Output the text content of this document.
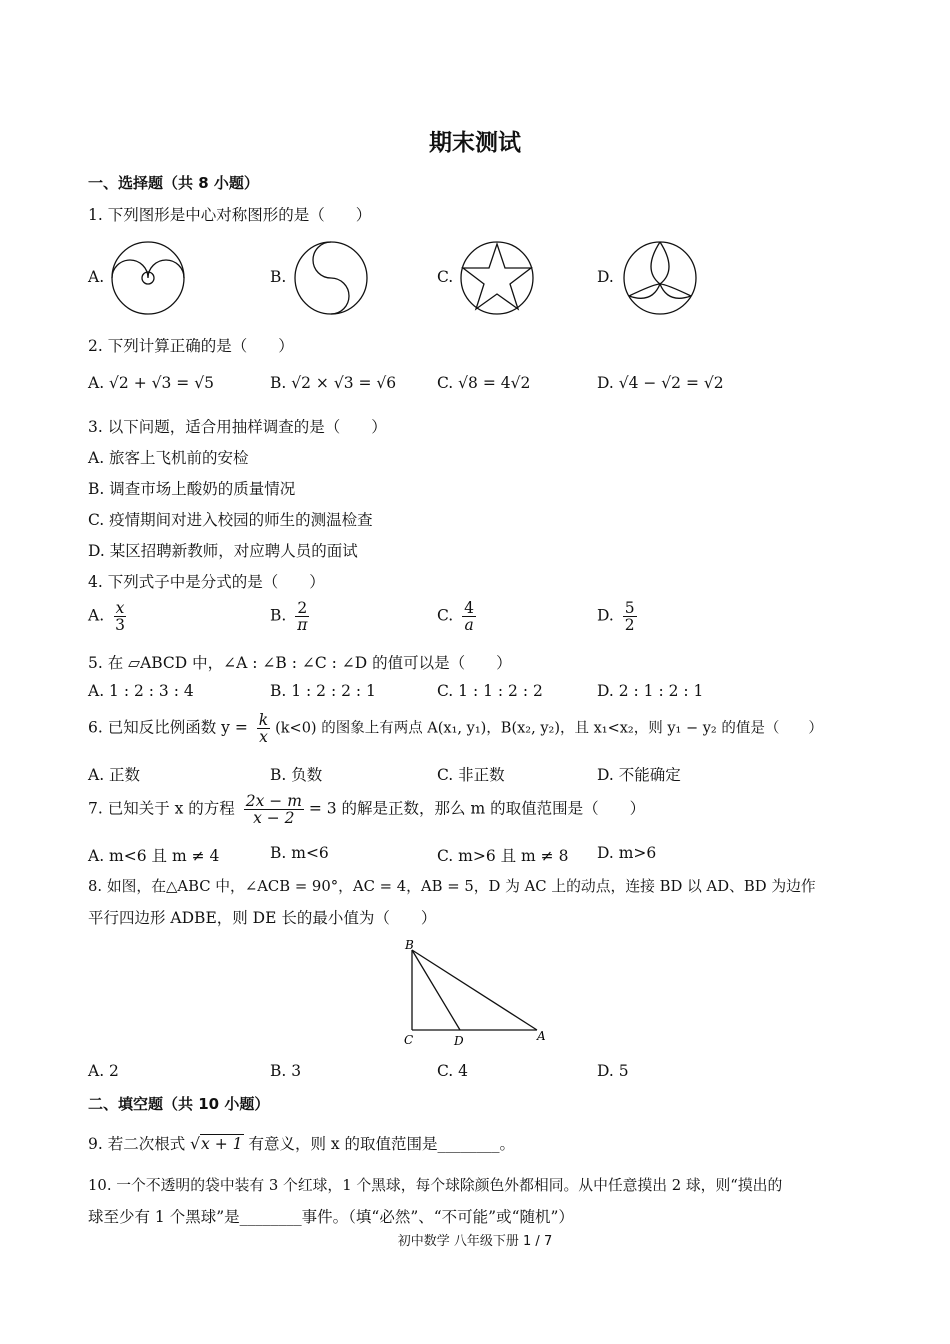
期末测试
一、选择题（共 8 小题）
1. 下列图形是中心对称图形的是（　　）
A.	B.	C.	D.
2. 下列计算正确的是（　　）
A. √2 + √3 = √5	B. √2 × √3 = √6	C. √8 = 4√2	D. √4 − √2 = √2
3. 以下问题，适合用抽样调查的是（　　）
A. 旅客上飞机前的安检
B. 调查市场上酸奶的质量情况
C. 疫情期间对进入校园的师生的测温检查
D. 某区招聘新教师，对应聘人员的面试
4. 下列式子中是分式的是（　　）
A. $\frac{x}{3}$	B. $\frac{2}{\pi}$	C. $\frac{4}{a}$	D. $\frac{5}{2}$
5. 在 ▱ABCD 中，∠A : ∠B : ∠C : ∠D 的值可以是（　　）
A. 1 : 2 : 3 : 4	B. 1 : 2 : 2 : 1	C. 1 : 1 : 2 : 2	D. 2 : 1 : 2 : 1
6. 已知反比例函数 $y = \frac{k}{x} (k<0)$ 的图象上有两点 A(x₁, y₁)，B(x₂, y₂)，且 x₁<x₂，则 y₁ − y₂ 的值是（　　）
A. 正数	B. 负数	C. 非正数	D. 不能确定
7. 已知关于 x 的方程 $\frac{2x - m}{x - 2} = 3$ 的解是正数，那么 m 的取值范围是（　　）
A. m<6 且 m ≠ 4	B. m<6	C. m>6 且 m ≠ 8 D. m>6
8. 如图，在△ABC 中，∠ACB = 90°，AC = 4，AB = 5，D 为 AC 上的动点，连接 BD 以 AD、BD 为边作
平行四边形 ADBE，则 DE 长的最小值为（　　）
B
C	D	A
A. 2	B. 3	C. 4	D. 5
二、填空题（共 10 小题）
9. 若二次根式 √x + 1 有意义，则 x 的取值范围是________。
10. 一个不透明的袋中装有 3 个红球，1 个黑球，每个球除颜色外都相同。从中任意摸出 2 球，则“摸出的
球至少有 1 个黑球”是________事件。（填“必然”、“不可能”或“随机”）
初中数学 八年级下册 1 / 7
